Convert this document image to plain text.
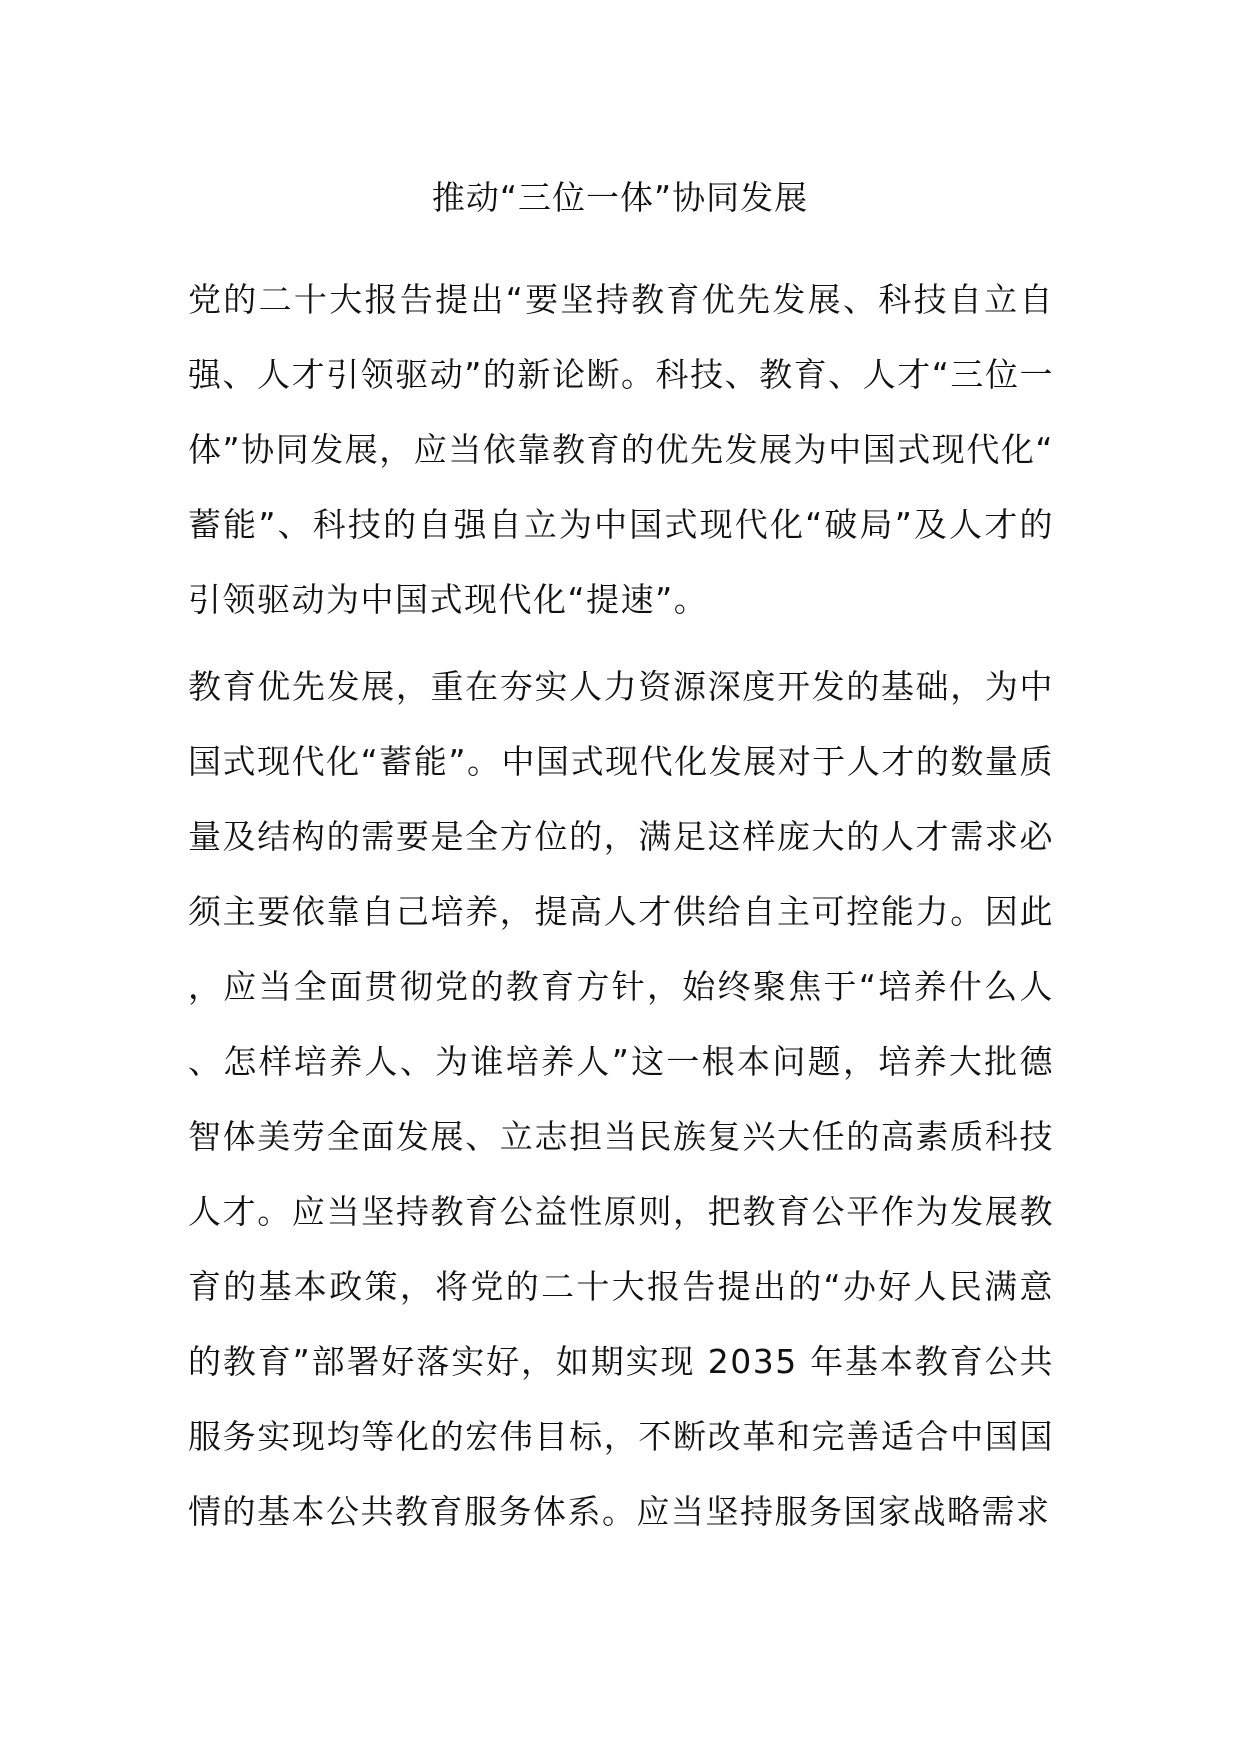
推动“三位一体”协同发展

党的二十大报告提出“要坚持教育优先发展、科技自立自强、人才引领驱动”的新论断。科技、教育、人才“三位一体”协同发展，应当依靠教育的优先发展为中国式现代化“蓄能”、科技的自强自立为中国式现代化“破局”及人才的引领驱动为中国式现代化“提速”。

教育优先发展，重在夯实人力资源深度开发的基础，为中国式现代化“蓄能”。中国式现代化发展对于人才的数量质量及结构的需要是全方位的，满足这样庞大的人才需求必须主要依靠自己培养，提高人才供给自主可控能力。因此，应当全面贯彻党的教育方针，始终聚焦于“培养什么人、怎样培养人、为谁培养人”这一根本问题，培养大批德智体美劳全面发展、立志担当民族复兴大任的高素质科技人才。应当坚持教育公益性原则，把教育公平作为发展教育的基本政策，将党的二十大报告提出的“办好人民满意的教育”部署好落实好，如期实现 2035 年基本教育公共服务实现均等化的宏伟目标，不断改革和完善适合中国国情的基本公共教育服务体系。应当坚持服务国家战略需求
